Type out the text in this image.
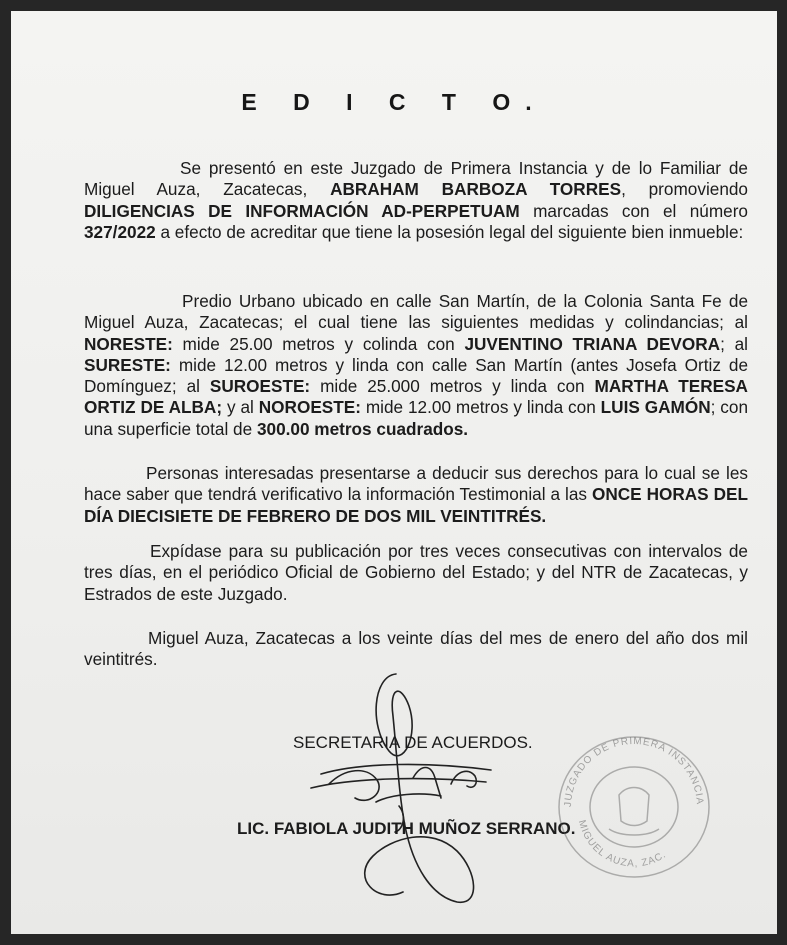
E D I C T O.
Se presentó en este Juzgado de Primera Instancia y de lo Familiar de Miguel Auza, Zacatecas, ABRAHAM BARBOZA TORRES, promoviendo DILIGENCIAS DE INFORMACIÓN AD-PERPETUAM marcadas con el número 327/2022 a efecto de acreditar que tiene la posesión legal del siguiente bien inmueble:
Predio Urbano ubicado en calle San Martín, de la Colonia Santa Fe de Miguel Auza, Zacatecas; el cual tiene las siguientes medidas y colindancias; al NORESTE: mide 25.00 metros y colinda con JUVENTINO TRIANA DEVORA; al SURESTE: mide 12.00 metros y linda con calle San Martín (antes Josefa Ortiz de Domínguez; al SUROESTE: mide 25.000 metros y linda con MARTHA TERESA ORTIZ DE ALBA; y al NOROESTE: mide 12.00 metros y linda con LUIS GAMÓN; con una superficie total de 300.00 metros cuadrados.
Personas interesadas presentarse a deducir sus derechos para lo cual se les hace saber que tendrá verificativo la información Testimonial a las ONCE HORAS DEL DÍA DIECISIETE DE FEBRERO DE DOS MIL VEINTITRÉS.
Expídase para su publicación por tres veces consecutivas con intervalos de tres días, en el periódico Oficial de Gobierno del Estado; y del NTR de Zacatecas, y Estrados de este Juzgado.
Miguel Auza, Zacatecas a los veinte días del mes de enero del año dos mil veintitrés.
SECRETARIA DE ACUERDOS.
LIC. FABIOLA JUDITH MUÑOZ SERRANO.
JUZGADO DE PRIMERA INSTANCIA
MIGUEL AUZA, ZAC.
